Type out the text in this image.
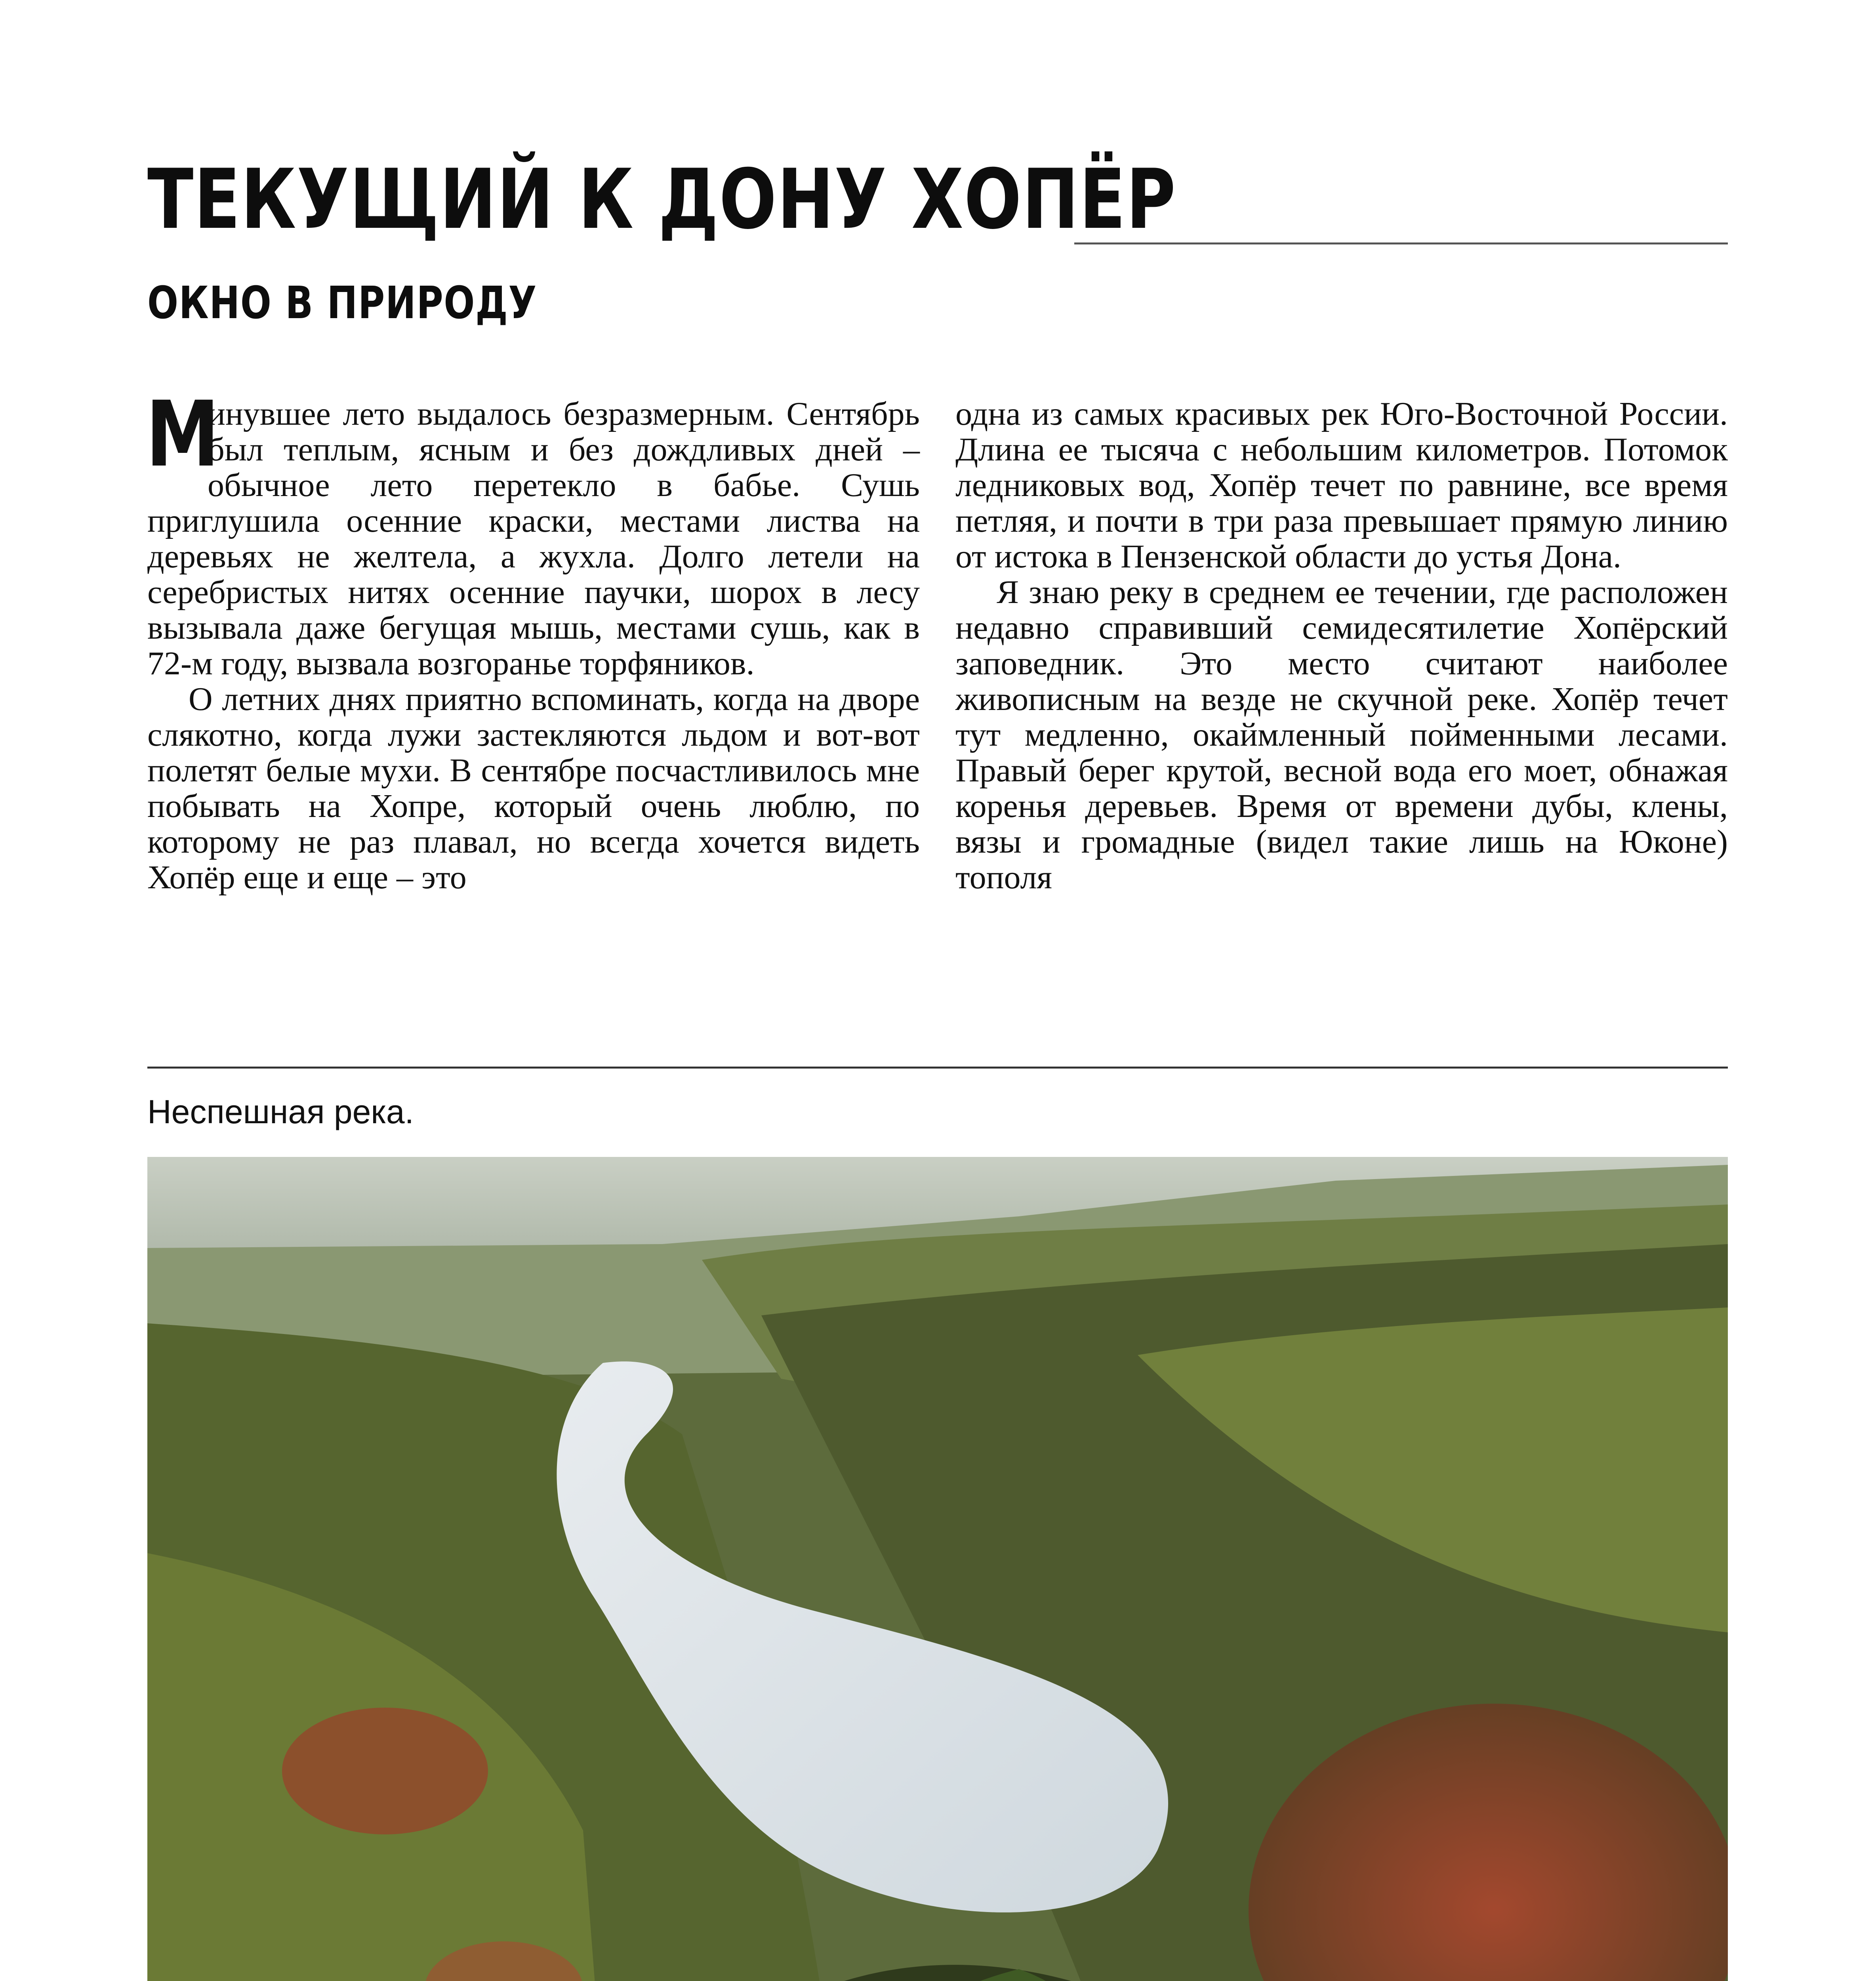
ТЕКУЩИЙ К ДОНУ ХОПЁР
ОКНО В ПРИРОДУ

М
инувшее лето выдалось безразмерным. Сентябрь был теплым, ясным и без дождливых дней – обычное лето перетекло в бабье. Сушь приглушила осенние краски, местами листва на деревьях не желтела, а жухла. Долго летели на серебристых нитях осенние паучки, шорох в лесу вызывала даже бегущая мышь, местами сушь, как в 72-м году, вызвала возгоранье торфяников.

О летних днях приятно вспоминать, когда на дворе слякотно, когда лужи застекляются льдом и вот-вот полетят белые мухи. В сентябре посчастливилось мне побывать на Хопре, который очень люблю, по которому не раз плавал, но всегда хочется видеть Хопёр еще и еще – это

одна из самых красивых рек Юго-Восточной России. Длина ее тысяча с небольшим километров. Потомок ледниковых вод, Хопёр течет по равнине, все время петляя, и почти в три раза превышает прямую линию от истока в Пензенской области до устья Дона.

Я знаю реку в среднем ее течении, где расположен недавно справивший семидесятилетие Хопёрский заповедник. Это место считают наиболее живописным на везде не скучной реке. Хопёр течет тут медленно, окаймленный пойменными лесами. Правый берег крутой, весной вода его моет, обнажая коренья деревьев. Время от времени дубы, клены, вязы и громадные (видел такие лишь на Юконе) тополя

Неспешная река.
